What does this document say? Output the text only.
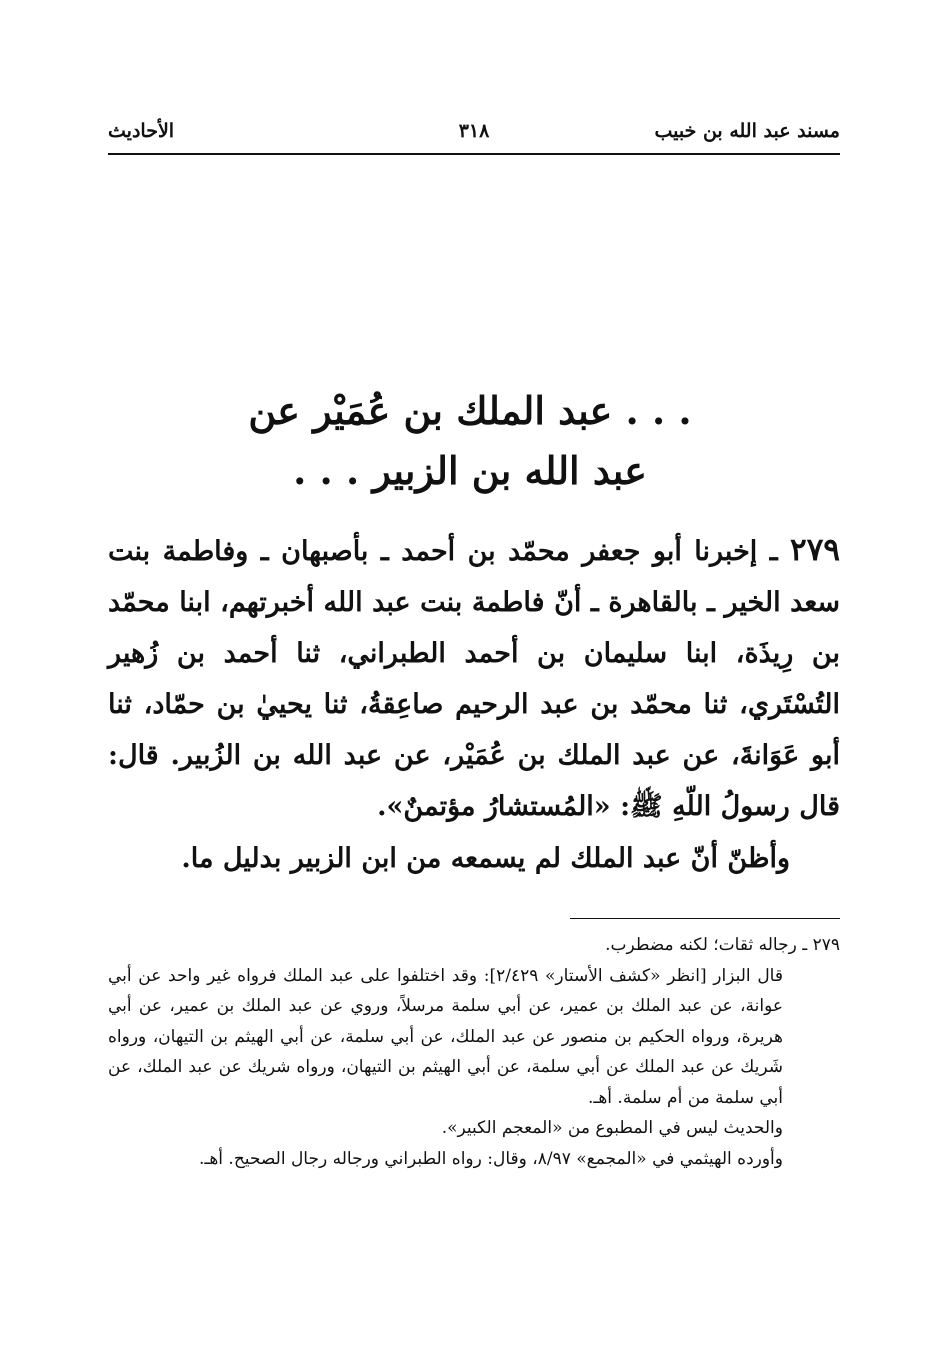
مسند عبد الله بن خبيب
٣١٨
الأحاديث
. . . عبد الملك بن عُمَيْر عن
عبد الله بن الزبير . . .
٢٧٩ ـ إخبرنا أبو جعفر محمّد بن أحمد ـ بأصبهان ـ وفاطمة بنت سعد الخير ـ بالقاهرة ـ أنّ فاطمة بنت عبد الله أخبرتهم، ابنا محمّد بن رِيذَة، ابنا سليمان بن أحمد الطبراني، ثنا أحمد بن زُهير التُسْتَري، ثنا محمّد بن عبد الرحيم صاعِقةُ، ثنا يحييٰ بن حمّاد، ثنا أبو عَوَانةَ، عن عبد الملك بن عُمَيْر، عن عبد الله بن الزُبير. قال: قال رسولُ اللّهِ ﷺ: «المُستشارُ مؤتمنٌ».
وأظنّ أنّ عبد الملك لم يسمعه من ابن الزبير بدليل ما.

٢٧٩ ـ رجاله ثقات؛ لكنه مضطرب.

قال البزار [انظر «كشف الأستار» ٢/٤٢٩]: وقد اختلفوا على عبد الملك فرواه غير واحد عن أبي عوانة، عن عبد الملك بن عمير، عن أبي سلمة مرسلاً، وروي عن عبد الملك بن عمير، عن أبي هريرة، ورواه الحكيم بن منصور عن عبد الملك، عن أبي سلمة، عن أبي الهيثم بن التيهان، ورواه شَريك عن عبد الملك عن أبي سلمة، عن أبي الهيثم بن التيهان، ورواه شريك عن عبد الملك، عن أبي سلمة من أم سلمة. أهـ.

والحديث ليس في المطبوع من «المعجم الكبير».

وأورده الهيثمي في «المجمع» ٨/٩٧، وقال: رواه الطبراني ورجاله رجال الصحيح. أهـ.
